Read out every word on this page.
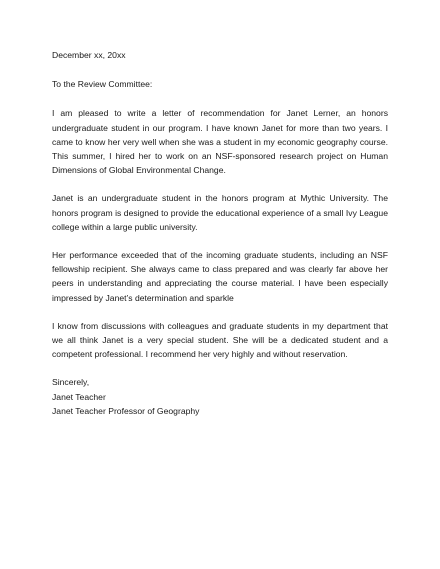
December xx, 20xx
To the Review Committee:

I am pleased to write a letter of recommendation for Janet Lerner, an honors undergraduate student in our program. I have known Janet for more than two years. I came to know her very well when she was a student in my economic geography course. This summer, I hired her to work on an NSF-sponsored research project on Human Dimensions of Global Environmental Change.

Janet is an undergraduate student in the honors program at Mythic University. The honors program is designed to provide the educational experience of a small Ivy League college within a large public university.

Her performance exceeded that of the incoming graduate students, including an NSF fellowship recipient. She always came to class prepared and was clearly far above her peers in understanding and appreciating the course material. I have been especially impressed by Janet’s determination and sparkle

I know from discussions with colleagues and graduate students in my department that we all think Janet is a very special student. She will be a dedicated student and a competent professional. I recommend her very highly and without reservation.

Sincerely,
Janet Teacher
Janet Teacher Professor of Geography
